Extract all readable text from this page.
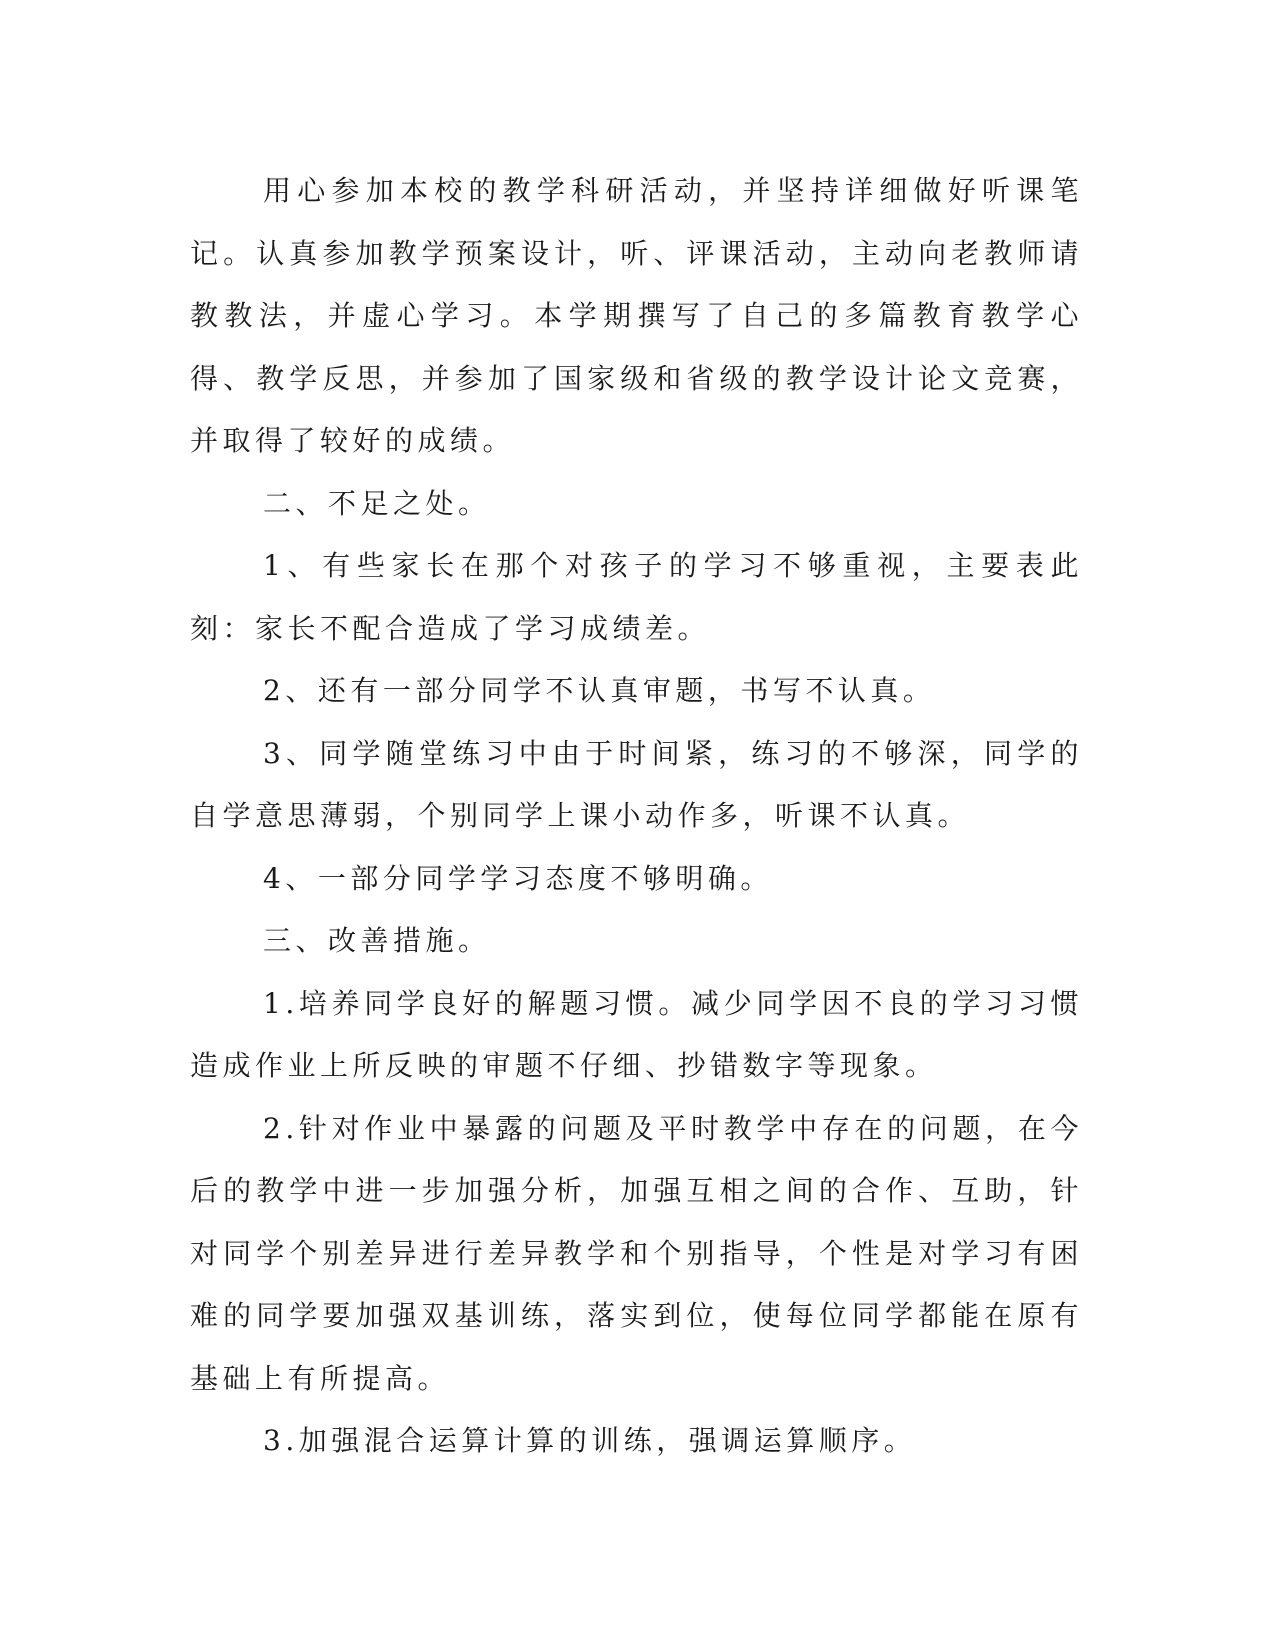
用心参加本校的教学科研活动，并坚持详细做好听课笔记。认真参加教学预案设计，听、评课活动，主动向老教师请教教法，并虚心学习。本学期撰写了自己的多篇教育教学心得、教学反思，并参加了国家级和省级的教学设计论文竞赛，并取得了较好的成绩。

二、不足之处。

1、有些家长在那个对孩子的学习不够重视，主要表此刻：家长不配合造成了学习成绩差。

2、还有一部分同学不认真审题，书写不认真。

3、同学随堂练习中由于时间紧，练习的不够深，同学的自学意思薄弱，个别同学上课小动作多，听课不认真。

4、一部分同学学习态度不够明确。

三、改善措施。

1.培养同学良好的解题习惯。减少同学因不良的学习习惯造成作业上所反映的审题不仔细、抄错数字等现象。

2.针对作业中暴露的问题及平时教学中存在的问题，在今后的教学中进一步加强分析，加强互相之间的合作、互助，针对同学个别差异进行差异教学和个别指导，个性是对学习有困难的同学要加强双基训练，落实到位，使每位同学都能在原有基础上有所提高。

3.加强混合运算计算的训练，强调运算顺序。
